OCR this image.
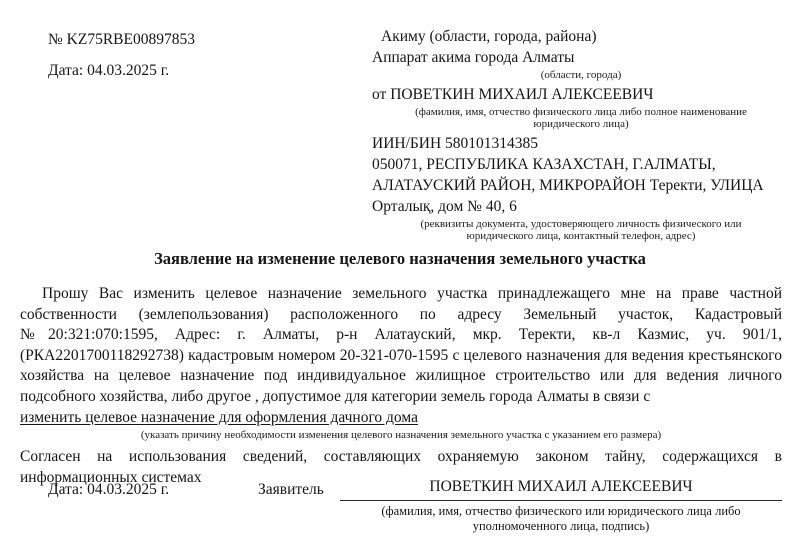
№ KZ75RBE00897853
Дата: 04.03.2025 г.
Акиму (области, города, района)
Аппарат акима города Алматы
(области, города)
от ПОВЕТКИН МИХАИЛ АЛЕКСЕЕВИЧ
(фамилия, имя, отчество физического лица либо полное наименование юридического лица)
ИИН/БИН 580101314385
050071, РЕСПУБЛИКА КАЗАХСТАН, Г.АЛМАТЫ,
АЛАТАУСКИЙ РАЙОН, МИКРОРАЙОН Теректи, УЛИЦА
Орталық, дом № 40, 6
(реквизиты документа, удостоверяющего личность физического или юридического лица, контактный телефон, адрес)
Заявление на изменение целевого назначения земельного участка
Прошу Вас изменить целевое назначение земельного участка принадлежащего мне на праве частной собственности (землепользования) расположенного по адресу Земельный участок, Кадастровый №20:321:070:1595, Адрес: г. Алматы, р-н Алатауский, мкр. Теректи, кв-л Казмис, уч. 901/1, (РКА2201700118292738) кадастровым номером 20-321-070-1595 с целевого назначения для ведения крестьянского хозяйства на целевое назначение под индивидуальное жилищное строительство или для ведения личного подсобного хозяйства, либо другое , допустимое для категории земель города Алматы в связи с
изменить целевое назначение для оформления дачного дома
(указать причину необходимости изменения целевого назначения земельного участка с указанием его размера)
Согласен на использования сведений, составляющих охраняемую законом тайну, содержащихся в информационных системах
Дата: 04.03.2025 г.	Заявитель	ПОВЕТКИН МИХАИЛ АЛЕКСЕЕВИЧ
(фамилия, имя, отчество физического или юридического лица либо уполномоченного лица, подпись)
